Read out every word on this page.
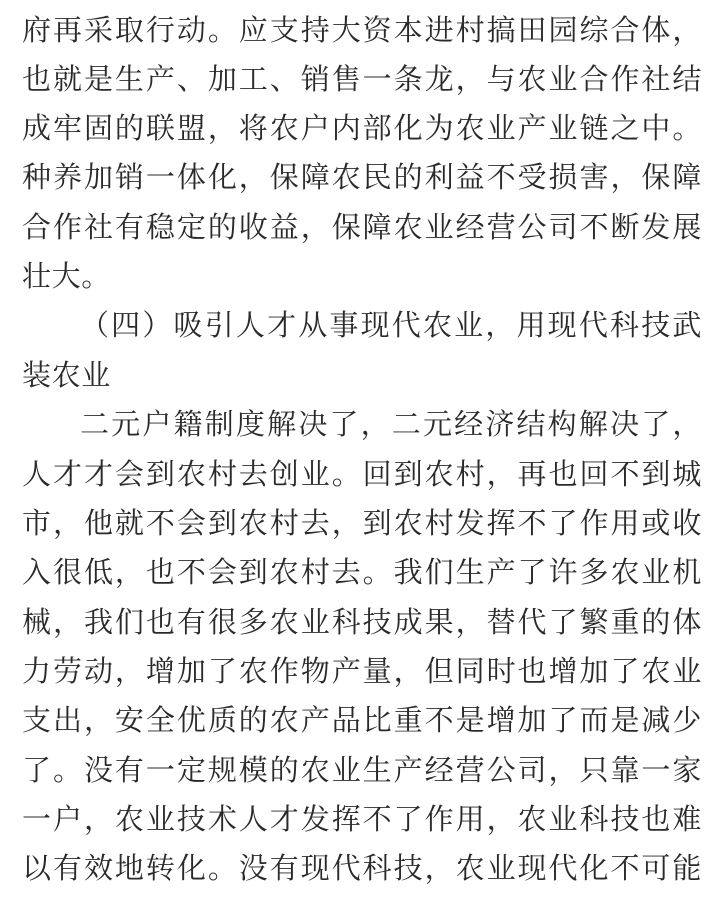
府再采取行动。应支持大资本进村搞田园综合体，
也就是生产、加工、销售一条龙，与农业合作社结
成牢固的联盟，将农户内部化为农业产业链之中。
种养加销一体化，保障农民的利益不受损害，保障
合作社有稳定的收益，保障农业经营公司不断发展
壮大。
（四）吸引人才从事现代农业，用现代科技武
装农业
二元户籍制度解决了，二元经济结构解决了，
人才才会到农村去创业。回到农村，再也回不到城
市，他就不会到农村去，到农村发挥不了作用或收
入很低，也不会到农村去。我们生产了许多农业机
械，我们也有很多农业科技成果，替代了繁重的体
力劳动，增加了农作物产量，但同时也增加了农业
支出，安全优质的农产品比重不是增加了而是减少
了。没有一定规模的农业生产经营公司，只靠一家
一户，农业技术人才发挥不了作用，农业科技也难
以有效地转化。没有现代科技，农业现代化不可能
